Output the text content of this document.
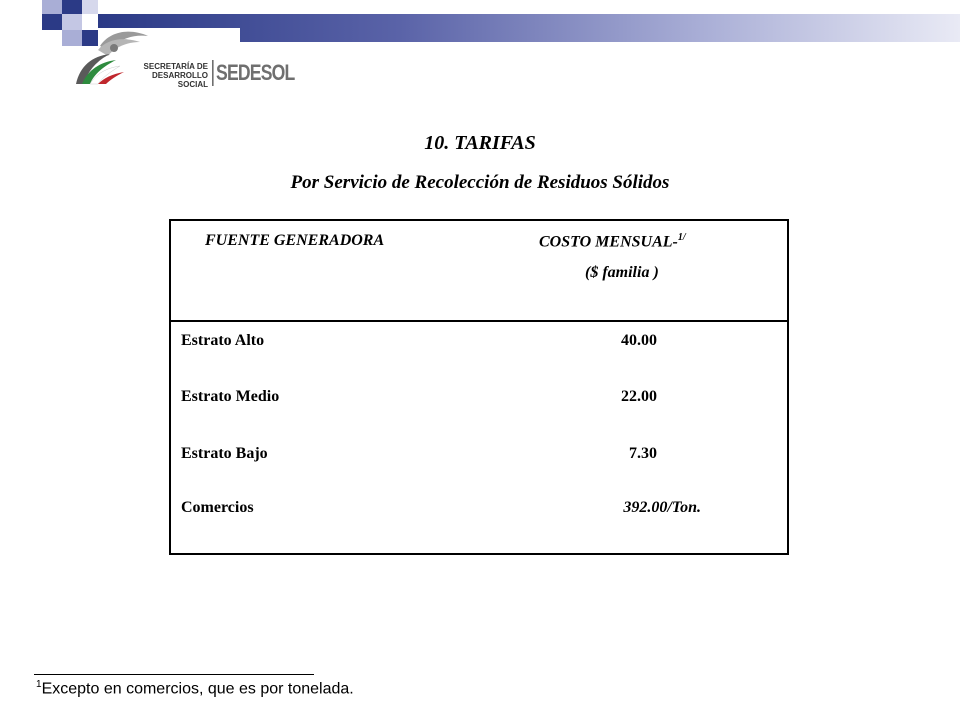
SECRETARÍA DE
DESARROLLO
SOCIAL SEDESOL
10. TARIFAS
Por Servicio de Recolección de Residuos Sólidos
FUENTE GENERADORA	COSTO MENSUAL-$^{1/}$
($ familia )
Estrato Alto	40.00
Estrato Medio	22.00
Estrato Bajo	7.30
Comercios	392.00/Ton.
$^1$Excepto en comercios, que es por tonelada.
